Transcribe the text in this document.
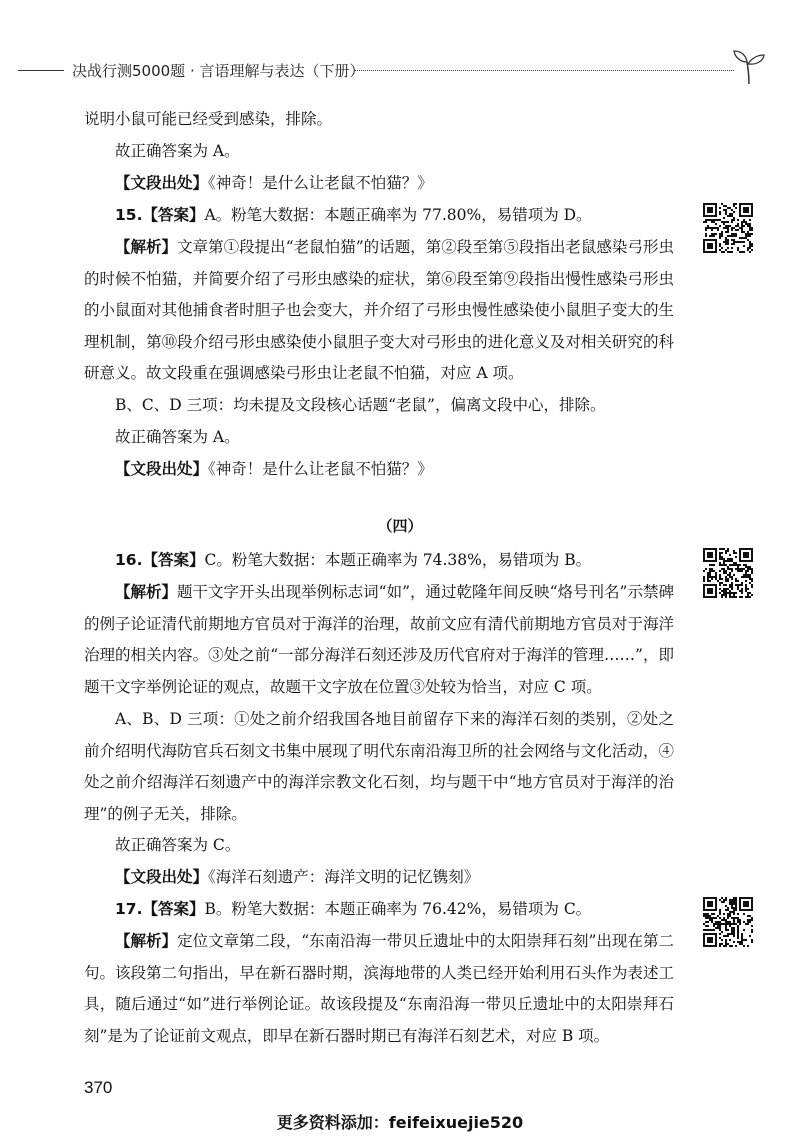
决战行测5000题 · 言语理解与表达（下册）
说明小鼠可能已经受到感染，排除。
故正确答案为 A。
【文段出处】《神奇！是什么让老鼠不怕猫？》
15.【答案】A。粉笔大数据：本题正确率为 77.80%，易错项为 D。
【解析】文章第①段提出“老鼠怕猫”的话题，第②段至第⑤段指出老鼠感染弓形虫的时候不怕猫，并简要介绍了弓形虫感染的症状，第⑥段至第⑨段指出慢性感染弓形虫的小鼠面对其他捕食者时胆子也会变大，并介绍了弓形虫慢性感染使小鼠胆子变大的生理机制，第⑩段介绍弓形虫感染使小鼠胆子变大对弓形虫的进化意义及对相关研究的科研意义。故文段重在强调感染弓形虫让老鼠不怕猫，对应 A 项。
B、C、D 三项：均未提及文段核心话题“老鼠”，偏离文段中心，排除。
故正确答案为 A。
【文段出处】《神奇！是什么让老鼠不怕猫？》
（四）
16.【答案】C。粉笔大数据：本题正确率为 74.38%，易错项为 B。
【解析】题干文字开头出现举例标志词“如”，通过乾隆年间反映“烙号刊名”示禁碑的例子论证清代前期地方官员对于海洋的治理，故前文应有清代前期地方官员对于海洋治理的相关内容。③处之前“一部分海洋石刻还涉及历代官府对于海洋的管理……”，即题干文字举例论证的观点，故题干文字放在位置③处较为恰当，对应 C 项。
A、B、D 三项：①处之前介绍我国各地目前留存下来的海洋石刻的类别，②处之前介绍明代海防官兵石刻文书集中展现了明代东南沿海卫所的社会网络与文化活动，④处之前介绍海洋石刻遗产中的海洋宗教文化石刻，均与题干中“地方官员对于海洋的治理”的例子无关，排除。
故正确答案为 C。
【文段出处】《海洋石刻遗产：海洋文明的记忆镌刻》
17.【答案】B。粉笔大数据：本题正确率为 76.42%，易错项为 C。
【解析】定位文章第二段，“东南沿海一带贝丘遗址中的太阳崇拜石刻”出现在第二句。该段第二句指出，早在新石器时期，滨海地带的人类已经开始利用石头作为表述工具，随后通过“如”进行举例论证。故该段提及“东南沿海一带贝丘遗址中的太阳崇拜石刻”是为了论证前文观点，即早在新石器时期已有海洋石刻艺术，对应 B 项。
370
更多资料添加：feifeixuejie520
